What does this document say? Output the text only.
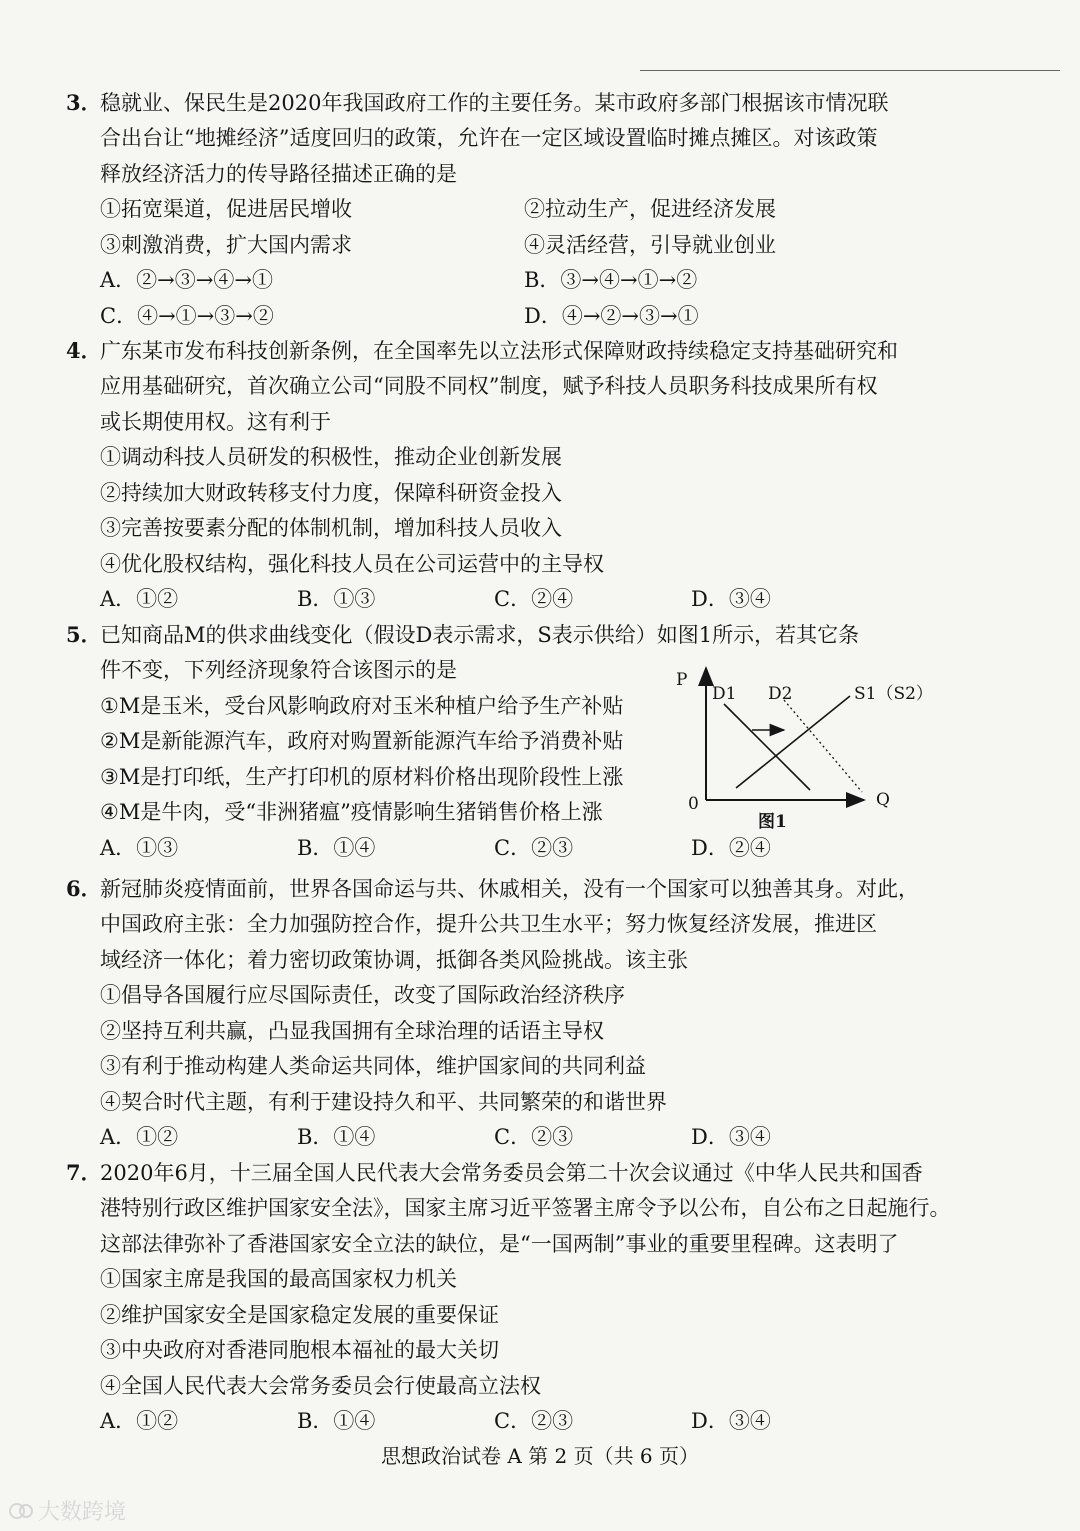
3．
稳就业、保民生是2020年我国政府工作的主要任务。某市政府多部门根据该市情况联
合出台让“地摊经济”适度回归的政策，允许在一定区域设置临时摊点摊区。对该政策
释放经济活力的传导路径描述正确的是
①拓宽渠道，促进居民增收	②拉动生产，促进经济发展
③刺激消费，扩大国内需求	④灵活经营，引导就业创业
A．②→③→④→①	B．③→④→①→②
C．④→①→③→②	D．④→②→③→①
4．
广东某市发布科技创新条例，在全国率先以立法形式保障财政持续稳定支持基础研究和
应用基础研究，首次确立公司“同股不同权”制度，赋予科技人员职务科技成果所有权
或长期使用权。这有利于
①调动科技人员研发的积极性，推动企业创新发展
②持续加大财政转移支付力度，保障科研资金投入
③完善按要素分配的体制机制，增加科技人员收入
④优化股权结构，强化科技人员在公司运营中的主导权
A．①②	B．①③	C．②④	D．③④
5．
已知商品M的供求曲线变化（假设D表示需求，S表示供给）如图1所示，若其它条
件不变，下列经济现象符合该图示的是
①M是玉米，受台风影响政府对玉米种植户给予生产补贴
②M是新能源汽车，政府对购置新能源汽车给予消费补贴
③M是打印纸，生产打印机的原材料价格出现阶段性上涨
④M是牛肉，受“非洲猪瘟”疫情影响生猪销售价格上涨
A．①③	B．①④	C．②③	D．②④
P
Q
0
D1 D2	S1（S2）
图1
6．
新冠肺炎疫情面前，世界各国命运与共、休戚相关，没有一个国家可以独善其身。对此，
中国政府主张：全力加强防控合作，提升公共卫生水平；努力恢复经济发展，推进区
域经济一体化；着力密切政策协调，抵御各类风险挑战。该主张
①倡导各国履行应尽国际责任，改变了国际政治经济秩序
②坚持互利共赢，凸显我国拥有全球治理的话语主导权
③有利于推动构建人类命运共同体，维护国家间的共同利益
④契合时代主题，有利于建设持久和平、共同繁荣的和谐世界
A．①②	B．①④	C．②③	D．③④
7．
2020年6月，十三届全国人民代表大会常务委员会第二十次会议通过《中华人民共和国香
港特别行政区维护国家安全法》，国家主席习近平签署主席令予以公布，自公布之日起施行。
这部法律弥补了香港国家安全立法的缺位，是“一国两制”事业的重要里程碑。这表明了
①国家主席是我国的最高国家权力机关
②维护国家安全是国家稳定发展的重要保证
③中央政府对香港同胞根本福祉的最大关切
④全国人民代表大会常务委员会行使最高立法权
A．①②	B．①④	C．②③	D．③④
思想政治试卷 A 第 2 页（共 6 页）
大数跨境
